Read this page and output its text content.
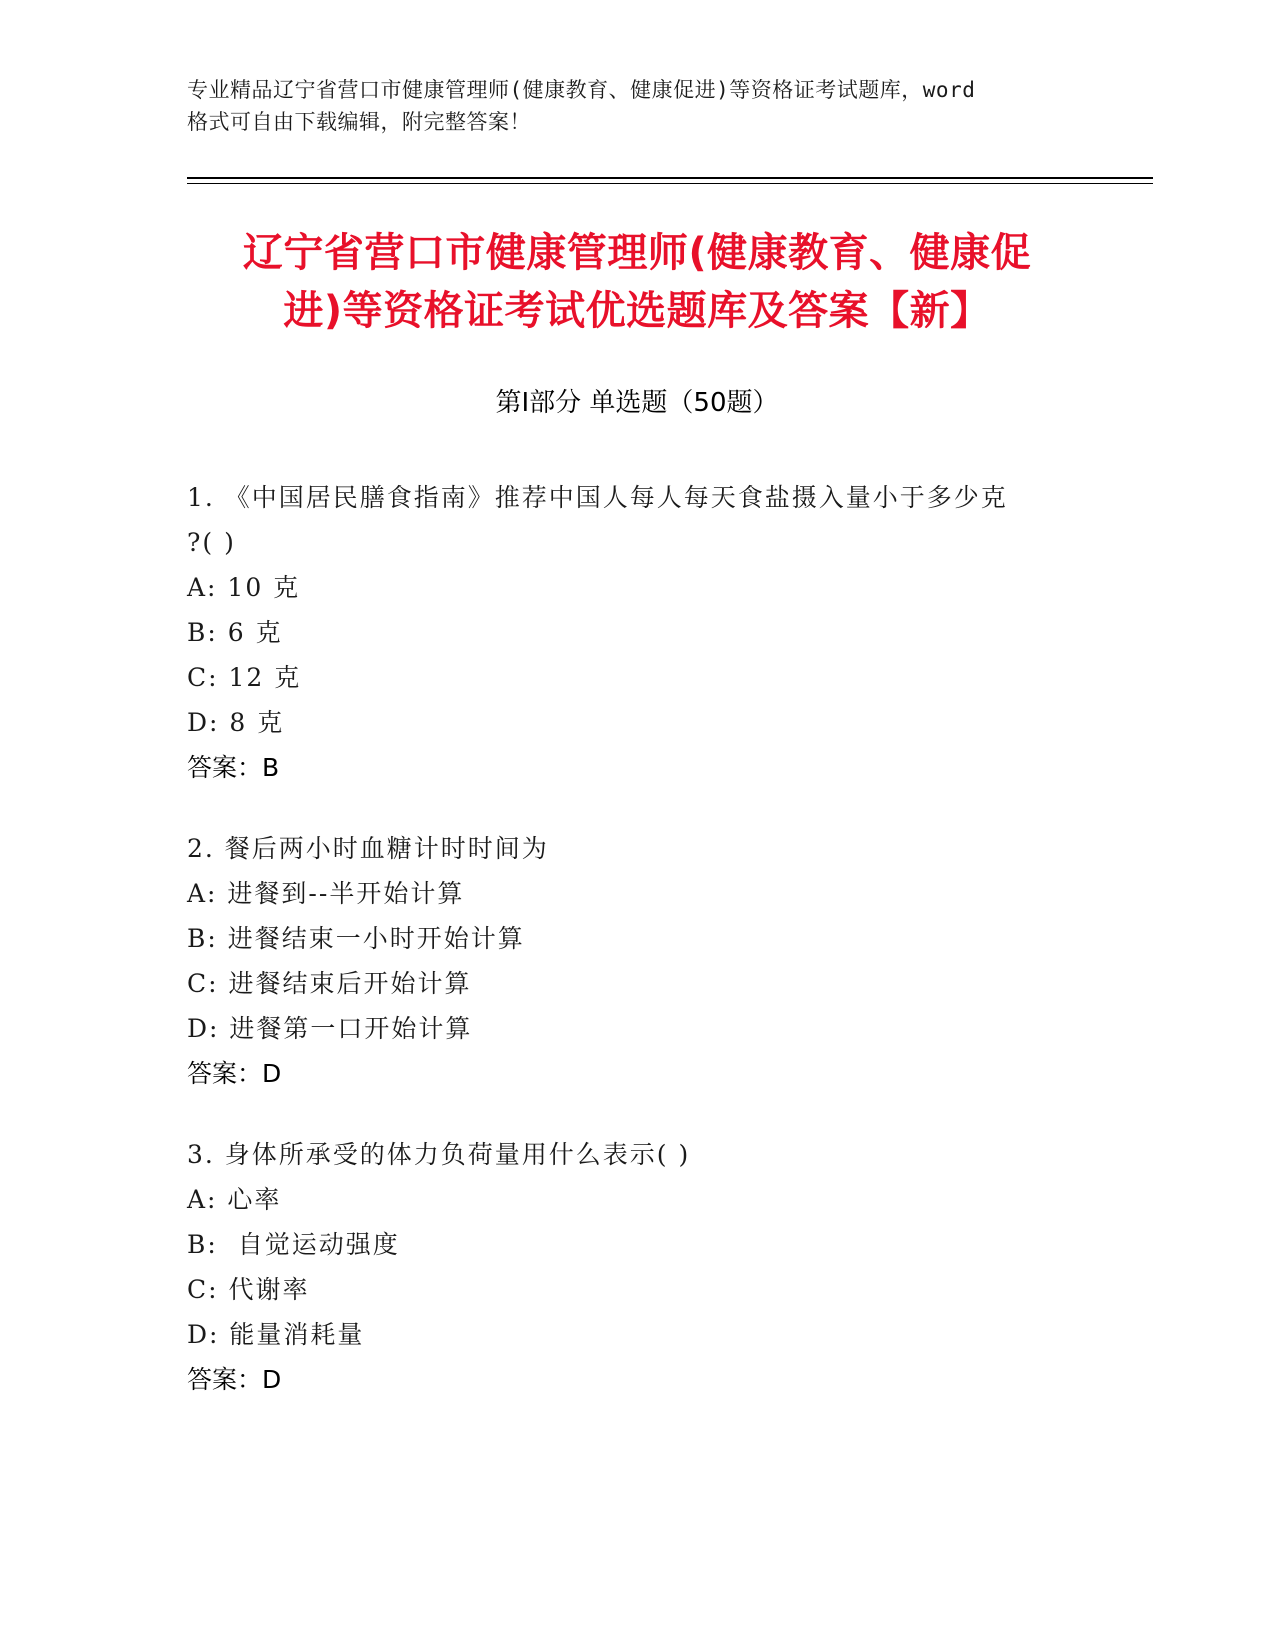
专业精品辽宁省营口市健康管理师(健康教育、健康促进)等资格证考试题库，word
格式可自由下载编辑，附完整答案！
辽宁省营口市健康管理师(健康教育、健康促
进)等资格证考试优选题库及答案【新】
第Ⅰ部分 单选题（50题）
1. 《中国居民膳食指南》推荐中国人每人每天食盐摄入量小于多少克
?( )
A: 10 克
B: 6 克
C: 12 克
D: 8 克
答案：B
2. 餐后两小时血糖计时时间为
A: 进餐到--半开始计算
B: 进餐结束一小时开始计算
C: 进餐结束后开始计算
D: 进餐第一口开始计算
答案：D
3. 身体所承受的体力负荷量用什么表示( )
A: 心率
B:  自觉运动强度
C: 代谢率
D: 能量消耗量
答案：D
